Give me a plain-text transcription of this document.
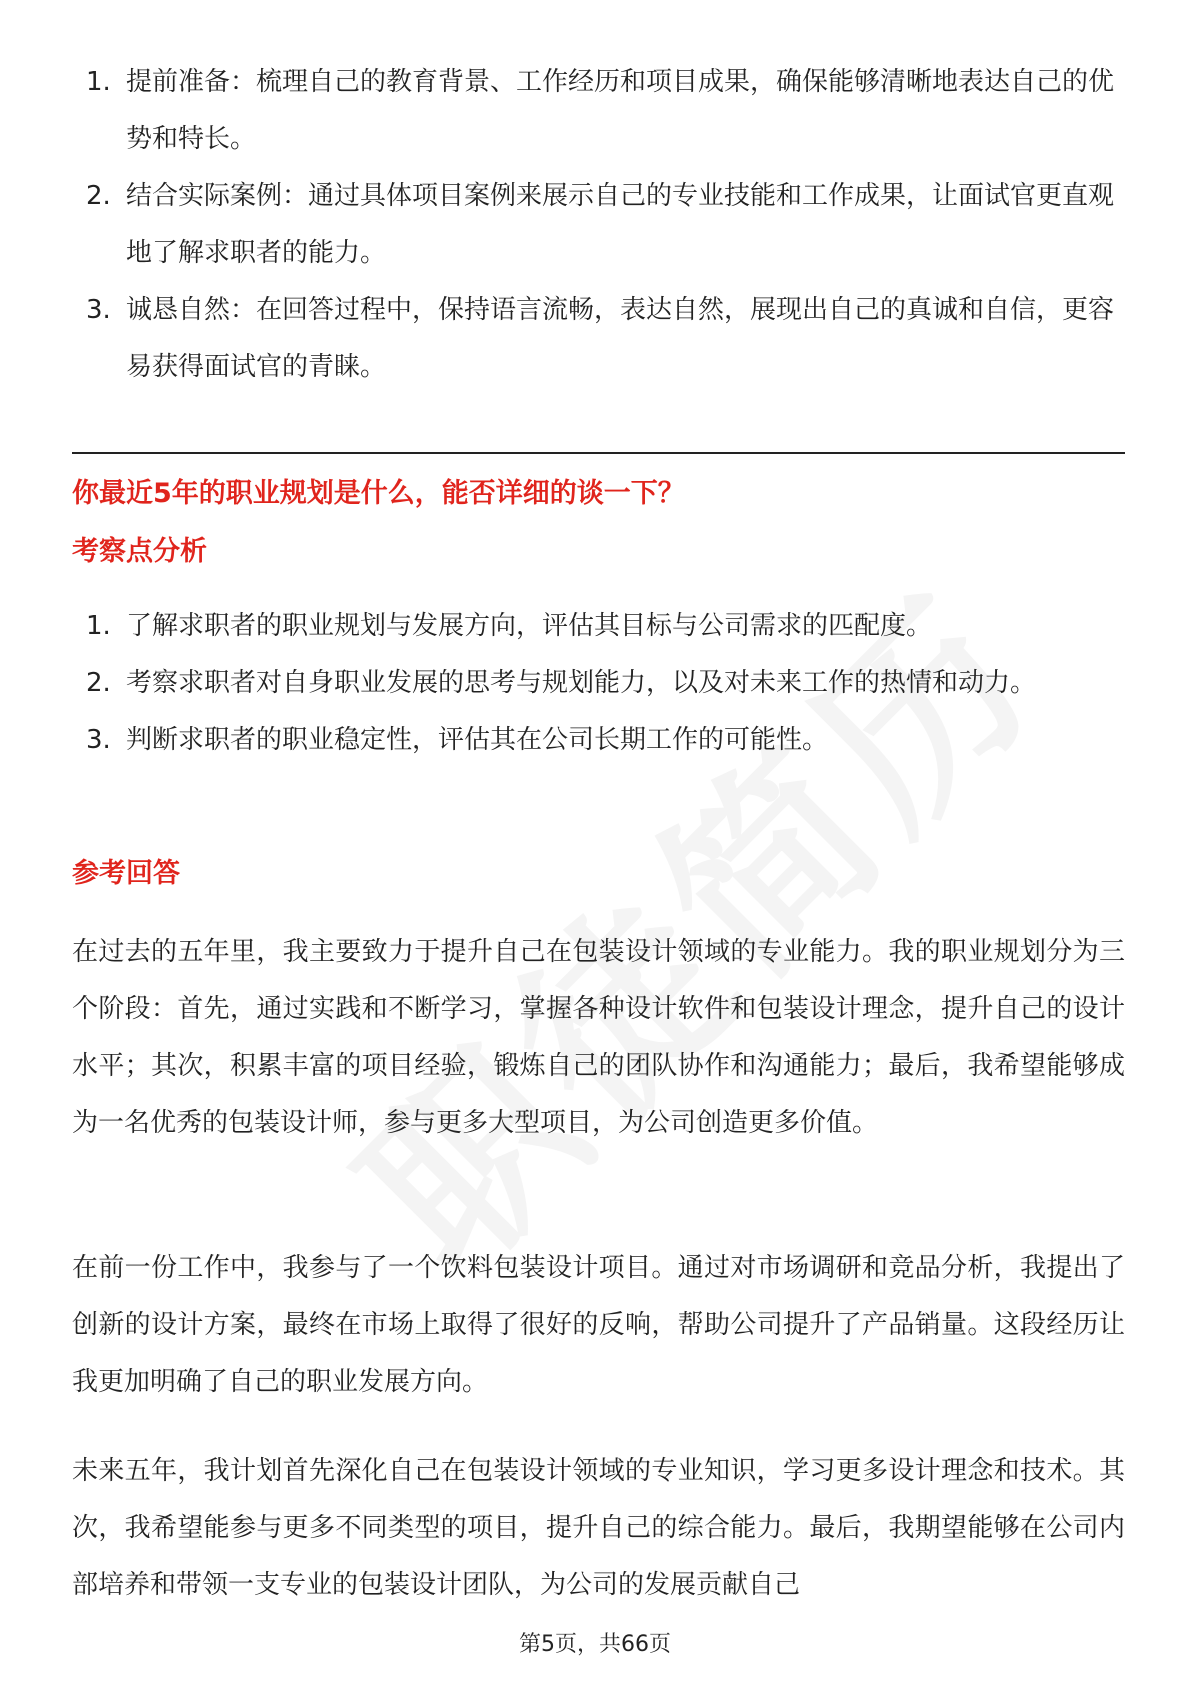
1. 提前准备：梳理自己的教育背景、工作经历和项目成果，确保能够清晰地表达自己的优势和特长。
2. 结合实际案例：通过具体项目案例来展示自己的专业技能和工作成果，让面试官更直观地了解求职者的能力。
3. 诚恳自然：在回答过程中，保持语言流畅，表达自然，展现出自己的真诚和自信，更容易获得面试官的青睐。
你最近5年的职业规划是什么，能否详细的谈一下？
考察点分析
1. 了解求职者的职业规划与发展方向，评估其目标与公司需求的匹配度。
2. 考察求职者对自身职业发展的思考与规划能力，以及对未来工作的热情和动力。
3. 判断求职者的职业稳定性，评估其在公司长期工作的可能性。
参考回答

在过去的五年里，我主要致力于提升自己在包装设计领域的专业能力。我的职业规划分为三个阶段：首先，通过实践和不断学习，掌握各种设计软件和包装设计理念，提升自己的设计水平；其次，积累丰富的项目经验，锻炼自己的团队协作和沟通能力；最后，我希望能够成为一名优秀的包装设计师，参与更多大型项目，为公司创造更多价值。

在前一份工作中，我参与了一个饮料包装设计项目。通过对市场调研和竞品分析，我提出了创新的设计方案，最终在市场上取得了很好的反响，帮助公司提升了产品销量。这段经历让我更加明确了自己的职业发展方向。

未来五年，我计划首先深化自己在包装设计领域的专业知识，学习更多设计理念和技术。其次，我希望能参与更多不同类型的项目，提升自己的综合能力。最后，我期望能够在公司内部培养和带领一支专业的包装设计团队，为公司的发展贡献自己

第5页，共66页
